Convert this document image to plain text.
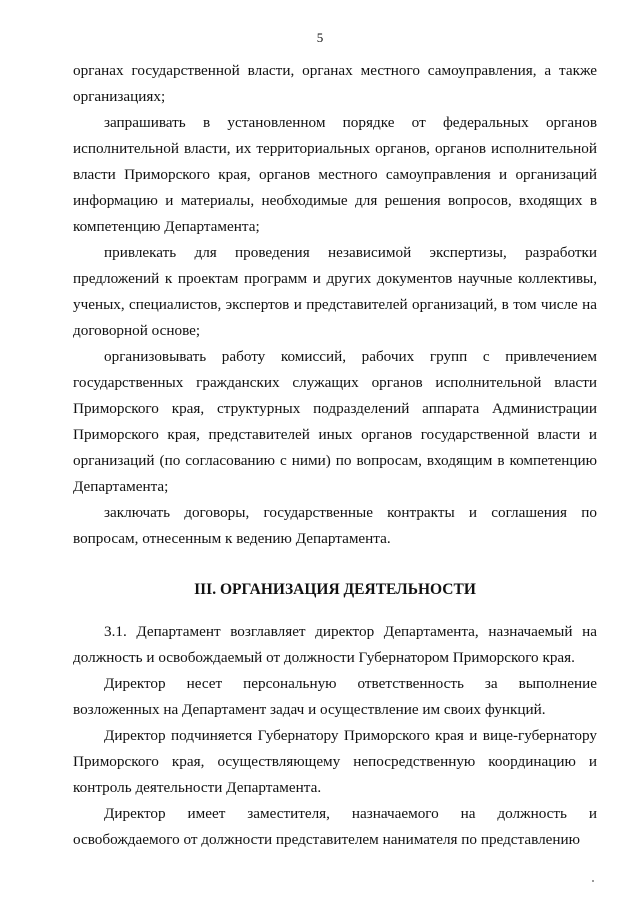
5

органах государственной власти, органах местного самоуправления, а также организациях;

запрашивать в установленном порядке от федеральных органов исполнительной власти, их территориальных органов, органов исполнительной власти Приморского края, органов местного самоуправления и организаций информацию и материалы, необходимые для решения вопросов, входящих в компетенцию Департамента;

привлекать для проведения независимой экспертизы, разработки предложений к проектам программ и других документов научные коллективы, ученых, специалистов, экспертов и представителей организаций, в том числе на договорной основе;

организовывать работу комиссий, рабочих групп с привлечением государственных гражданских служащих органов исполнительной власти Приморского края, структурных подразделений аппарата Администрации Приморского края, представителей иных органов государственной власти и организаций (по согласованию с ними) по вопросам, входящим в компетенцию Департамента;

заключать договоры, государственные контракты и соглашения по вопросам, отнесенным к ведению Департамента.

III. ОРГАНИЗАЦИЯ ДЕЯТЕЛЬНОСТИ

3.1. Департамент возглавляет директор Департамента, назначаемый на должность и освобождаемый от должности Губернатором Приморского края.

Директор несет персональную ответственность за выполнение возложенных на Департамент задач и осуществление им своих функций.

Директор подчиняется Губернатору Приморского края и вице-губернатору Приморского края, осуществляющему непосредственную координацию и контроль деятельности Департамента.

Директор имеет заместителя, назначаемого на должность и освобождаемого от должности представителем нанимателя по представлению
